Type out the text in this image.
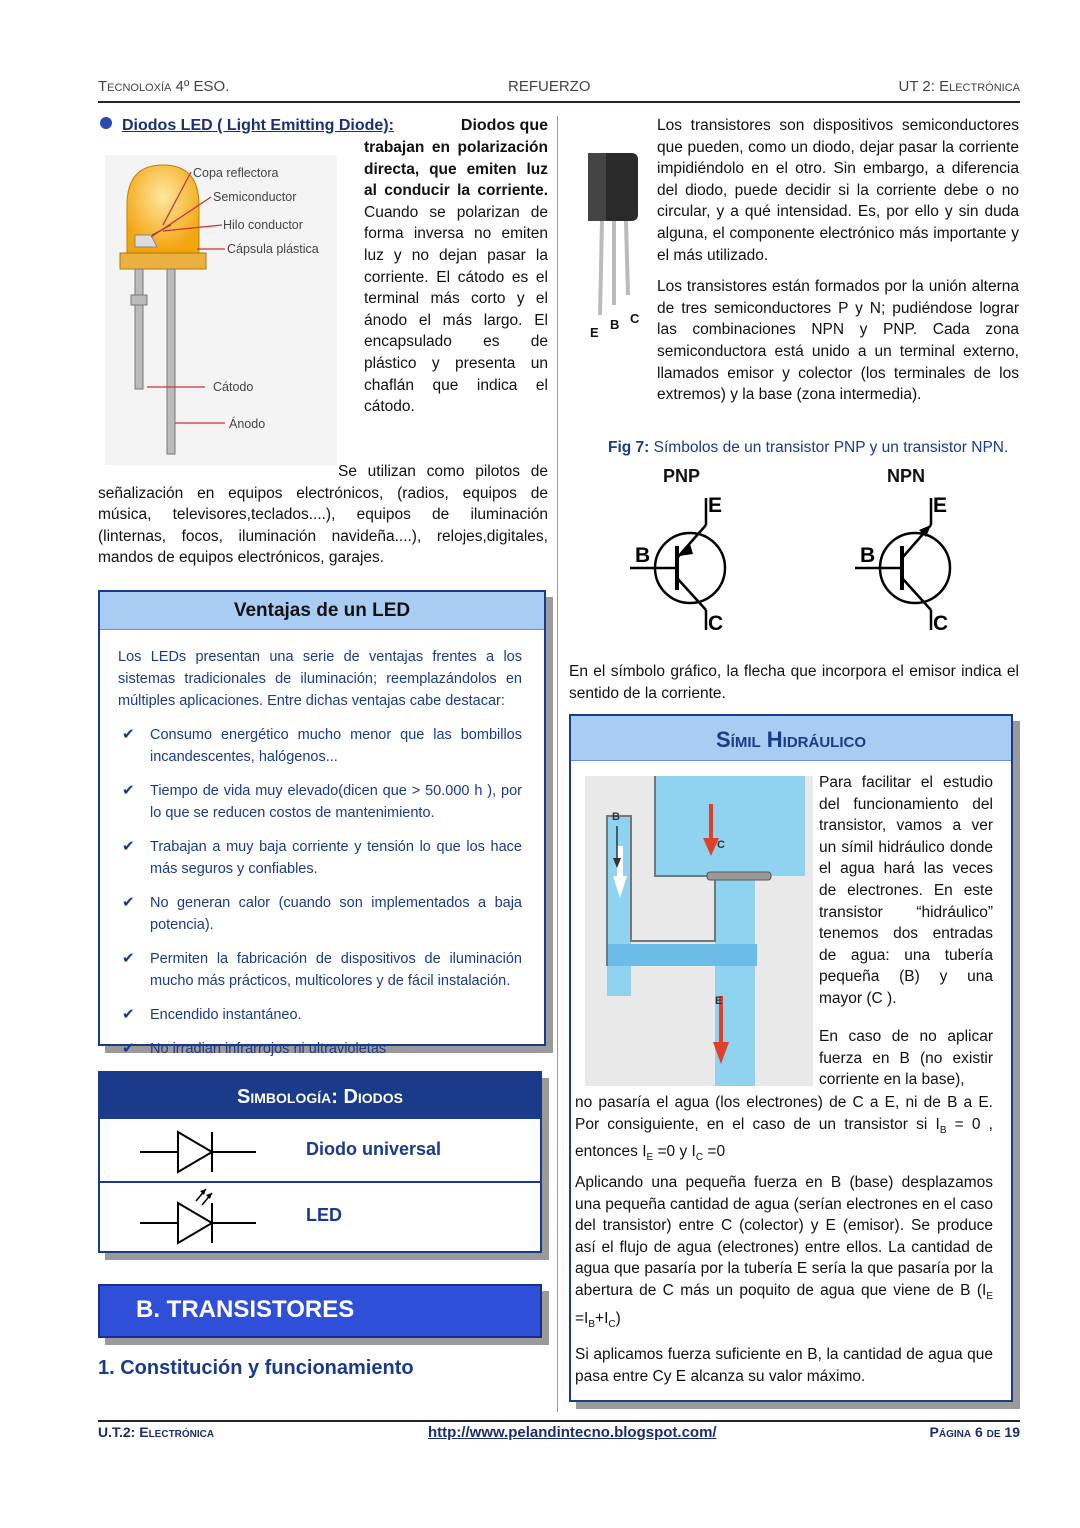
Tecnoloxía 4º ESO.	REFUERZO	UT 2: Electrónica
Diodos LED ( Light Emitting Diode):	Diodos que
Copa reflectora
Semiconductor
Hilo conductor
Cápsula plástica
Cátodo
Ánodo
trabajan en polarización directa, que emiten luz al conducir la corriente. Cuando se polarizan de forma inversa no emiten luz y no dejan pasar la corriente. El cátodo es el terminal más corto y el ánodo el más largo. El encapsulado es de plástico y presenta un chaflán que indica el cátodo.
Se utilizan como pilotos de señalización en equipos electrónicos, (radios, equipos de música, televisores,teclados....), equipos de iluminación (linternas, focos, iluminación navideña....), relojes,digitales, mandos de equipos electrónicos, garajes.
Ventajas de un LED
Los LEDs presentan una serie de ventajas frentes a los sistemas tradicionales de iluminación; reemplazándolos en múltiples aplicaciones. Entre dichas ventajas cabe destacar:
✔ Consumo energético mucho menor que las bombillos incandescentes, halógenos...
✔ Tiempo de vida muy elevado(dicen que > 50.000 h ), por lo que se reducen costos de mantenimiento.
✔ Trabajan a muy baja corriente y tensión lo que los hace más seguros y confiables.
✔ No generan calor (cuando son implementados a baja potencia).
✔ Permiten la fabricación de dispositivos de iluminación mucho más prácticos, multicolores y de fácil instalación.
✔ Encendido instantáneo.
✔ No irradian infrarrojos ni ultravioletas
Simbología: Diodos
Diodo universal
LED
B. TRANSISTORES
1. Constitución y funcionamiento
E
B C
Los transistores son dispositivos semiconductores que pueden, como un diodo, dejar pasar la corriente impidiéndolo en el otro. Sin embargo, a diferencia del diodo, puede decidir si la corriente debe o no circular, y a qué intensidad. Es, por ello y sin duda alguna, el componente electrónico más importante y el más utilizado.
Los transistores están formados por la unión alterna de tres semiconductores P y N; pudiéndose lograr las combinaciones NPN y PNP. Cada zona semiconductora está unido a un terminal externo, llamados emisor y colector (los terminales de los extremos) y la base (zona intermedia).
Fig 7: Símbolos de un transistor PNP y un transistor NPN.
PNP
E
B
C
NPN
E
B
C
En el símbolo gráfico, la flecha que incorpora el emisor indica el sentido de la corriente.
Símil Hidráulico
B
C
E
Para facilitar el estudio del funcionamiento del transistor, vamos a ver un símil hidráulico donde el agua hará las veces de electrones. En este transistor “hidráulico” tenemos dos entradas de agua: una tubería pequeña (B) y una mayor (C ).
En caso de no aplicar fuerza en B (no existir corriente en la base),
no pasaría el agua (los electrones) de C a E, ni de B a E. Por consiguiente, en el caso de un transistor si $I_B = 0$ , entonces $I_E =0$ y $I_C =0$
Aplicando una pequeña fuerza en B (base) desplazamos una pequeña cantidad de agua (serían electrones en el caso del transistor) entre C (colector) y E (emisor). Se produce así el flujo de agua (electrones) entre ellos. La cantidad de agua que pasaría por la tubería E sería la que pasaría por la abertura de C más un poquito de agua que viene de B $(I_E =I_B+I_C)$
Si aplicamos fuerza suficiente en B, la cantidad de agua que pasa entre Cy E alcanza su valor máximo.
U.T.2: Electrónica	http://www.pelandintecno.blogspot.com/	Página 6 de 19
